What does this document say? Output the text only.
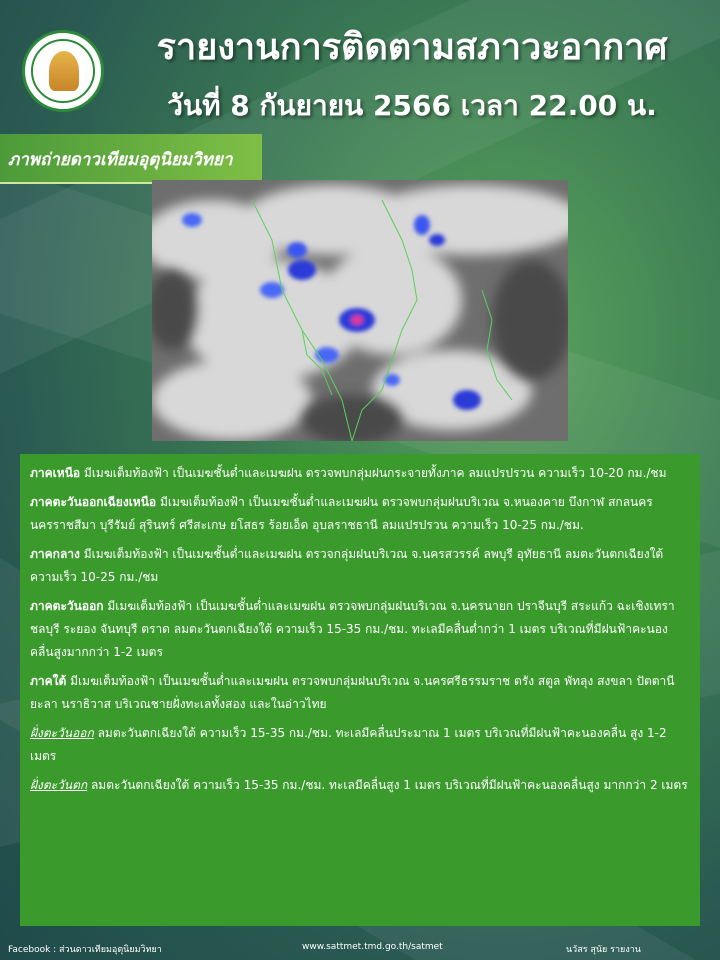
รายงานการติดตามสภาวะอากาศ
วันที่ 8 กันยายน 2566 เวลา 22.00 น.
ภาพถ่ายดาวเทียมอุตุนิยมวิทยา
ภาคเหนือ มีเมฆเต็มท้องฟ้า เป็นเมฆชั้นต่ำและเมฆฝน ตรวจพบกลุ่มฝนกระจายทั้งภาค ลมแปรปรวน ความเร็ว 10-20 กม./ชม
ภาคตะวันออกเฉียงเหนือ มีเมฆเต็มท้องฟ้า เป็นเมฆชั้นต่ำและเมฆฝน ตรวจพบกลุ่มฝนบริเวณ จ.หนองคาย บึงกาฬ สกลนคร นครราชสีมา บุรีรัมย์ สุรินทร์ ศรีสะเกษ ยโสธร ร้อยเอ็ด อุบลราชธานี ลมแปรปรวน ความเร็ว 10-25 กม./ชม.
ภาคกลาง มีเมฆเต็มท้องฟ้า เป็นเมฆชั้นต่ำและเมฆฝน ตรวจกลุ่มฝนบริเวณ จ.นครสวรรค์ ลพบุรี อุทัยธานี ลมตะวันตกเฉียงใต้ ความเร็ว 10-25 กม./ชม
ภาคตะวันออก มีเมฆเต็มท้องฟ้า เป็นเมฆชั้นต่ำและเมฆฝน ตรวจพบกลุ่มฝนบริเวณ จ.นครนายก ปราจีนบุรี สระแก้ว ฉะเชิงเทรา ชลบุรี ระยอง จันทบุรี ตราด ลมตะวันตกเฉียงใต้ ความเร็ว 15-35 กม./ชม. ทะเลมีคลื่นต่ำกว่า 1 เมตร บริเวณที่มีฝนฟ้าคะนองคลื่นสูงมากกว่า 1-2 เมตร
ภาคใต้ มีเมฆเต็มท้องฟ้า เป็นเมฆชั้นต่ำและเมฆฝน ตรวจพบกลุ่มฝนบริเวณ จ.นครศรีธรรมราช ตรัง สตูล พัทลุง สงขลา ปัตตานี ยะลา นราธิวาส บริเวณชายฝั่งทะเลทั้งสอง และในอ่าวไทย
ฝั่งตะวันออก ลมตะวันตกเฉียงใต้ ความเร็ว 15-35 กม./ชม. ทะเลมีคลื่นประมาณ 1 เมตร บริเวณที่มีฝนฟ้าคะนองคลื่น สูง 1-2 เมตร
ฝั่งตะวันตก ลมตะวันตกเฉียงใต้ ความเร็ว 15-35 กม./ชม. ทะเลมีคลื่นสูง 1 เมตร บริเวณที่มีฝนฟ้าคะนองคลื่นสูง มากกว่า 2 เมตร
Facebook : ส่วนดาวเทียมอุตุนิยมวิทยา	www.sattmet.tmd.go.th/satmet	นวัสร สุนัย รายงาน
